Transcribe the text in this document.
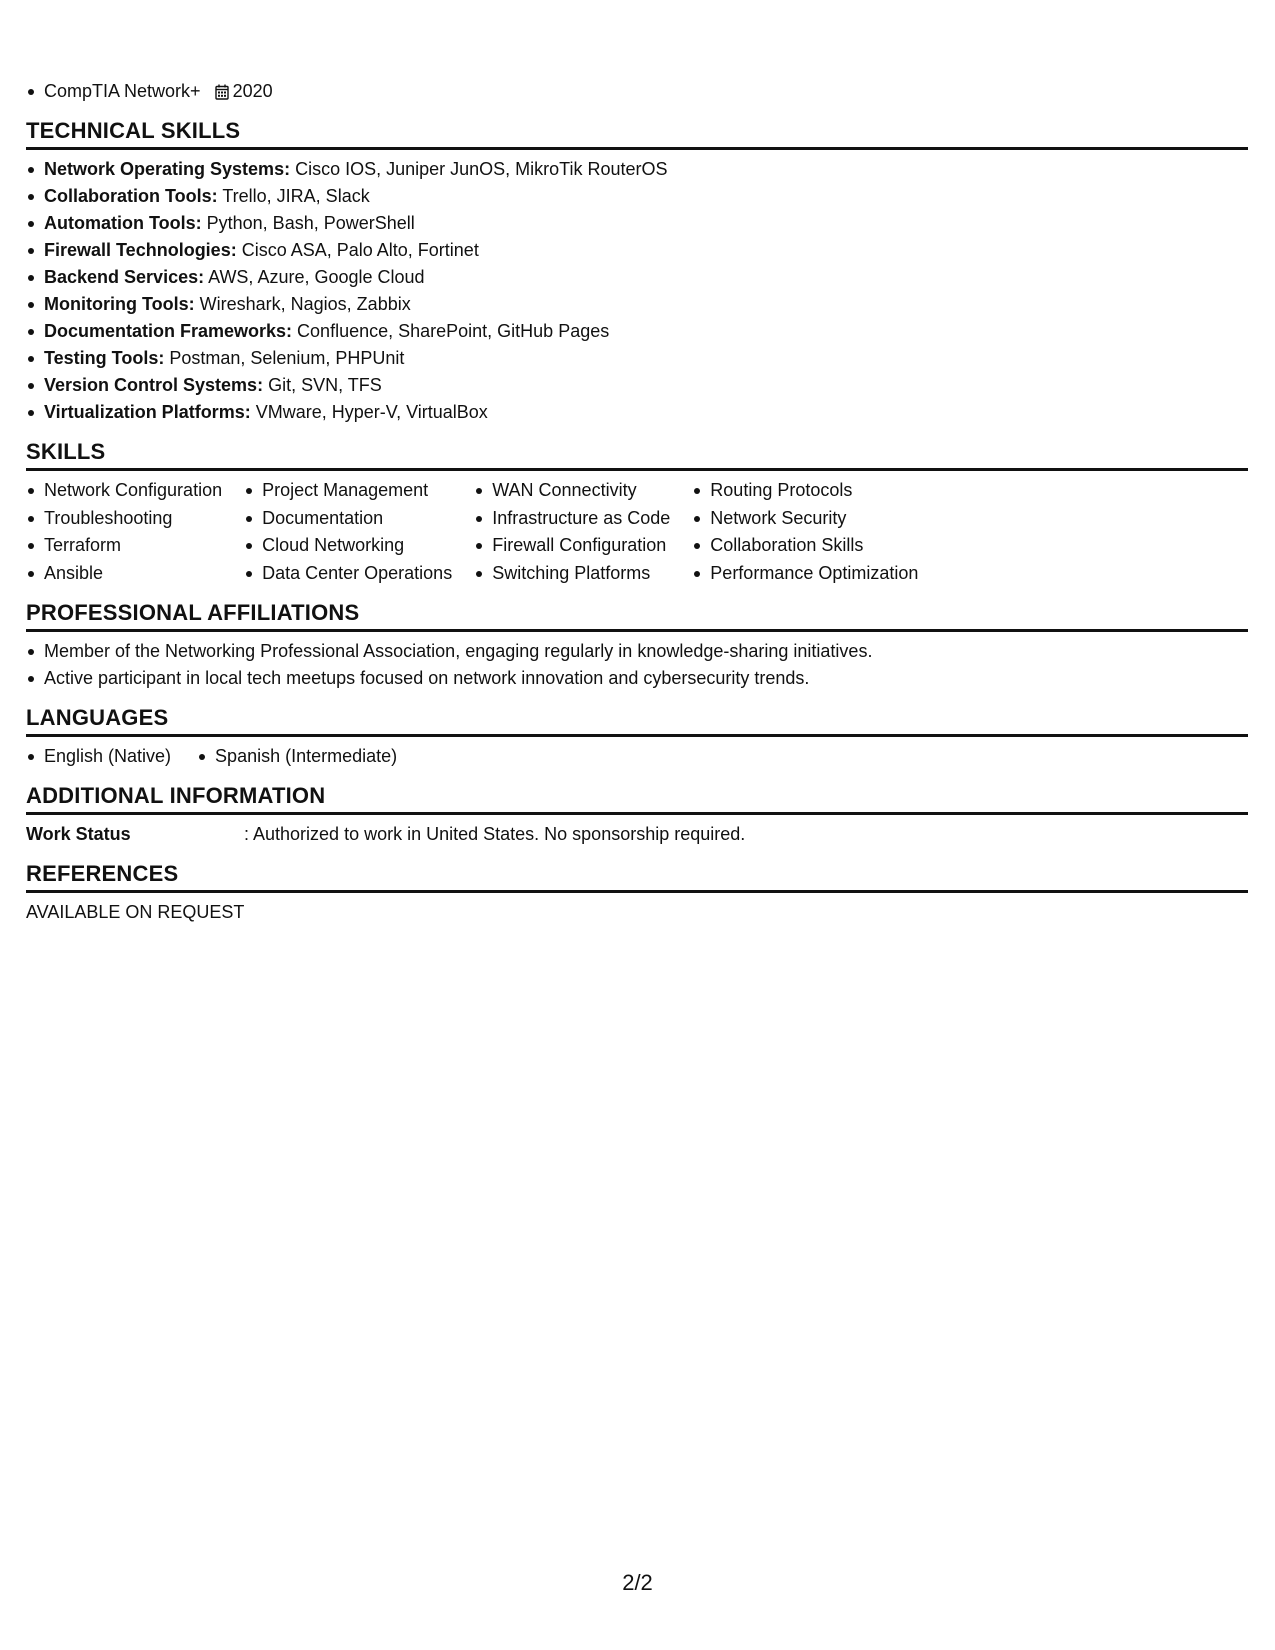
CompTIA Network+ 2020
TECHNICAL SKILLS
Network Operating Systems: Cisco IOS, Juniper JunOS, MikroTik RouterOS
Collaboration Tools: Trello, JIRA, Slack
Automation Tools: Python, Bash, PowerShell
Firewall Technologies: Cisco ASA, Palo Alto, Fortinet
Backend Services: AWS, Azure, Google Cloud
Monitoring Tools: Wireshark, Nagios, Zabbix
Documentation Frameworks: Confluence, SharePoint, GitHub Pages
Testing Tools: Postman, Selenium, PHPUnit
Version Control Systems: Git, SVN, TFS
Virtualization Platforms: VMware, Hyper-V, VirtualBox
SKILLS
Network Configuration
Troubleshooting
Terraform
Ansible
Project Management
Documentation
Cloud Networking
Data Center Operations
WAN Connectivity
Infrastructure as Code
Firewall Configuration
Switching Platforms
Routing Protocols
Network Security
Collaboration Skills
Performance Optimization
PROFESSIONAL AFFILIATIONS
Member of the Networking Professional Association, engaging regularly in knowledge-sharing initiatives.
Active participant in local tech meetups focused on network innovation and cybersecurity trends.
LANGUAGES
English (Native)	Spanish (Intermediate)
ADDITIONAL INFORMATION
Work Status	: Authorized to work in United States. No sponsorship required.
REFERENCES
AVAILABLE ON REQUEST
2/2
